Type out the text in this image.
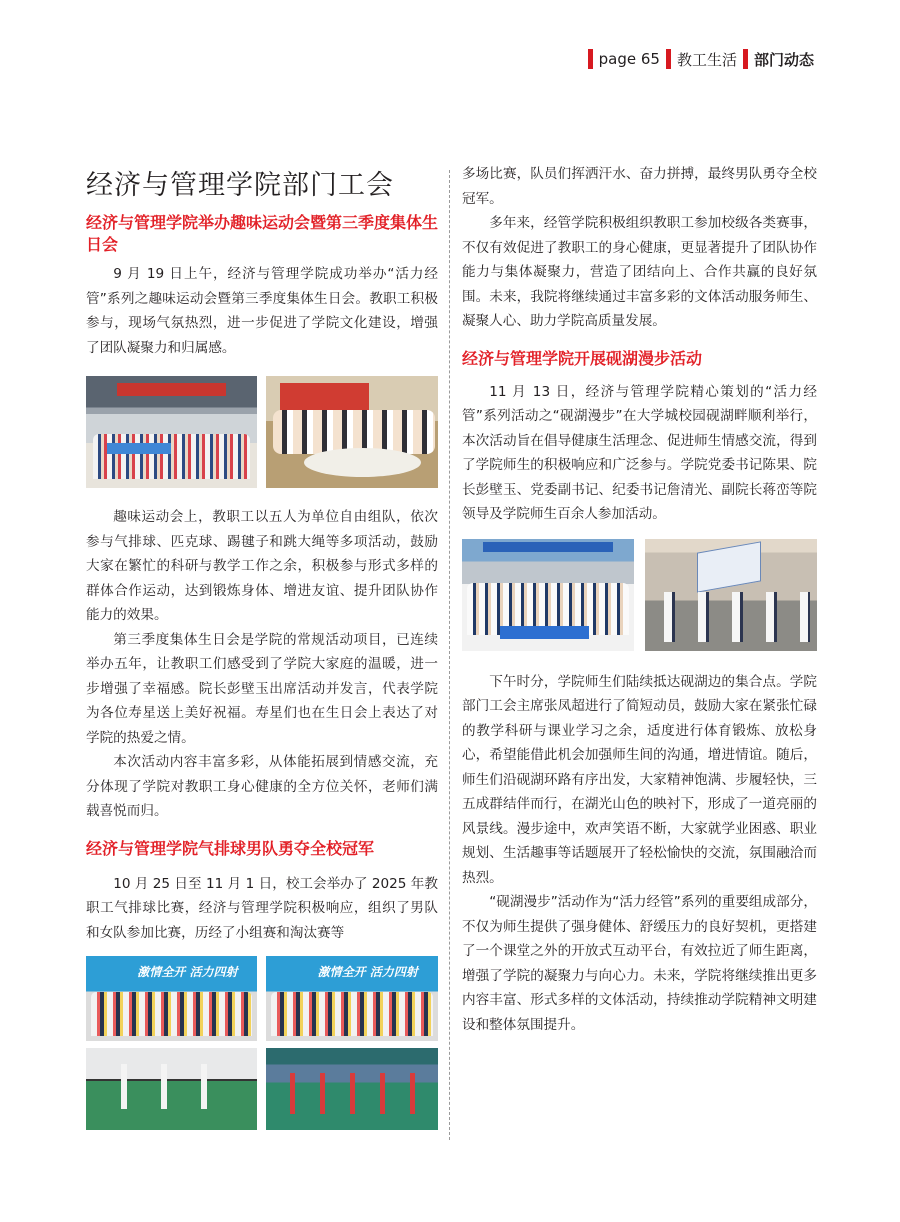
page 65 教工生活 部门动态
经济与管理学院部门工会
经济与管理学院举办趣味运动会暨第三季度集体生日会

9 月 19 日上午，经济与管理学院成功举办“活力经管”系列之趣味运动会暨第三季度集体生日会。教职工积极参与，现场气氛热烈，进一步促进了学院文化建设，增强了团队凝聚力和归属感。

趣味运动会上，教职工以五人为单位自由组队，依次参与气排球、匹克球、踢毽子和跳大绳等多项活动，鼓励大家在繁忙的科研与教学工作之余，积极参与形式多样的群体合作运动，达到锻炼身体、增进友谊、提升团队协作能力的效果。

第三季度集体生日会是学院的常规活动项目，已连续举办五年，让教职工们感受到了学院大家庭的温暖，进一步增强了幸福感。院长彭壁玉出席活动并发言，代表学院为各位寿星送上美好祝福。寿星们也在生日会上表达了对学院的热爱之情。

本次活动内容丰富多彩，从体能拓展到情感交流，充分体现了学院对教职工身心健康的全方位关怀，老师们满载喜悦而归。

经济与管理学院气排球男队勇夺全校冠军

10 月 25 日至 11 月 1 日，校工会举办了 2025 年教职工气排球比赛，经济与管理学院积极响应，组织了男队和女队参加比赛，历经了小组赛和淘汰赛等

激情全开 活力四射	激情全开 活力四射

多场比赛，队员们挥洒汗水、奋力拼搏，最终男队勇夺全校冠军。

多年来，经管学院积极组织教职工参加校级各类赛事，不仅有效促进了教职工的身心健康，更显著提升了团队协作能力与集体凝聚力，营造了团结向上、合作共赢的良好氛围。未来，我院将继续通过丰富多彩的文体活动服务师生、凝聚人心、助力学院高质量发展。

经济与管理学院开展砚湖漫步活动

11 月 13 日，经济与管理学院精心策划的“活力经管”系列活动之“砚湖漫步”在大学城校园砚湖畔顺利举行，本次活动旨在倡导健康生活理念、促进师生情感交流，得到了学院师生的积极响应和广泛参与。学院党委书记陈果、院长彭壁玉、党委副书记、纪委书记詹清光、副院长蒋峦等院领导及学院师生百余人参加活动。

下午时分，学院师生们陆续抵达砚湖边的集合点。学院部门工会主席张凤超进行了简短动员，鼓励大家在紧张忙碌的教学科研与课业学习之余，适度进行体育锻炼、放松身心，希望能借此机会加强师生间的沟通，增进情谊。随后，师生们沿砚湖环路有序出发，大家精神饱满、步履轻快，三五成群结伴而行，在湖光山色的映衬下，形成了一道亮丽的风景线。漫步途中，欢声笑语不断，大家就学业困惑、职业规划、生活趣事等话题展开了轻松愉快的交流，氛围融洽而热烈。

“砚湖漫步”活动作为“活力经管”系列的重要组成部分，不仅为师生提供了强身健体、舒缓压力的良好契机，更搭建了一个课堂之外的开放式互动平台，有效拉近了师生距离，增强了学院的凝聚力与向心力。未来，学院将继续推出更多内容丰富、形式多样的文体活动，持续推动学院精神文明建设和整体氛围提升。
